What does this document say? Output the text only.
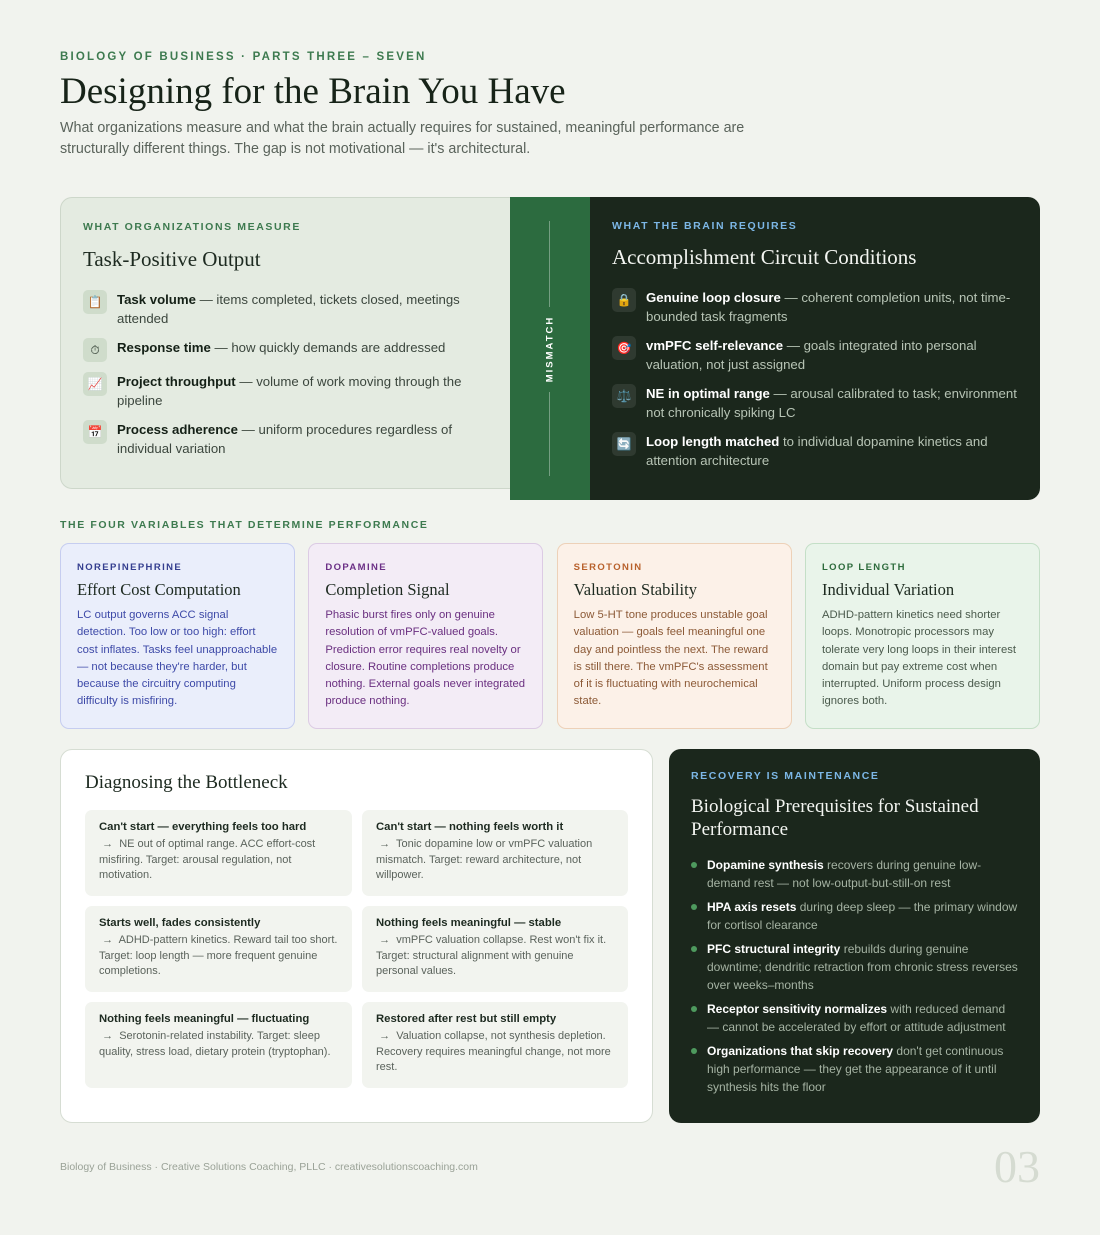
BIOLOGY OF BUSINESS · PARTS THREE – SEVEN
Designing for the Brain You Have

What organizations measure and what the brain actually requires for sustained, meaningful performance are structurally different things. The gap is not motivational — it's architectural.

WHAT ORGANIZATIONS MEASURE
Task-Positive Output
📋	Task volume — items completed, tickets closed, meetings attended
⏱	Response time — how quickly demands are addressed
📈	Project throughput — volume of work moving through the pipeline
📅	Process adherence — uniform procedures regardless of individual variation
MISMATCH
WHAT THE BRAIN REQUIRES
Accomplishment Circuit Conditions
🔒	Genuine loop closure — coherent completion units, not time-bounded task fragments
🎯	vmPFC self-relevance — goals integrated into personal valuation, not just assigned
⚖️	NE in optimal range — arousal calibrated to task; environment not chronically spiking LC
🔄	Loop length matched to individual dopamine kinetics and attention architecture
THE FOUR VARIABLES THAT DETERMINE PERFORMANCE
NOREPINEPHRINE
Effort Cost Computation
LC output governs ACC signal detection. Too low or too high: effort cost inflates. Tasks feel unapproachable — not because they're harder, but because the circuitry computing difficulty is misfiring.
DOPAMINE
Completion Signal
Phasic burst fires only on genuine resolution of vmPFC-valued goals. Prediction error requires real novelty or closure. Routine completions produce nothing. External goals never integrated produce nothing.
SEROTONIN
Valuation Stability
Low 5-HT tone produces unstable goal valuation — goals feel meaningful one day and pointless the next. The reward is still there. The vmPFC's assessment of it is fluctuating with neurochemical state.
LOOP LENGTH
Individual Variation
ADHD-pattern kinetics need shorter loops. Monotropic processors may tolerate very long loops in their interest domain but pay extreme cost when interrupted. Uniform process design ignores both.
Diagnosing the Bottleneck
Can't start — everything feels too hard
→ NE out of optimal range. ACC effort-cost misfiring. Target: arousal regulation, not motivation.
Can't start — nothing feels worth it
→ Tonic dopamine low or vmPFC valuation mismatch. Target: reward architecture, not willpower.
Starts well, fades consistently
→ ADHD-pattern kinetics. Reward tail too short. Target: loop length — more frequent genuine completions.
Nothing feels meaningful — stable
→ vmPFC valuation collapse. Rest won't fix it. Target: structural alignment with genuine personal values.
Nothing feels meaningful — fluctuating
→ Serotonin-related instability. Target: sleep quality, stress load, dietary protein (tryptophan).
Restored after rest but still empty
→ Valuation collapse, not synthesis depletion. Recovery requires meaningful change, not more rest.
RECOVERY IS MAINTENANCE
Biological Prerequisites for Sustained Performance
Dopamine synthesis recovers during genuine low-demand rest — not low-output-but-still-on rest
HPA axis resets during deep sleep — the primary window for cortisol clearance
PFC structural integrity rebuilds during genuine downtime; dendritic retraction from chronic stress reverses over weeks–months
Receptor sensitivity normalizes with reduced demand — cannot be accelerated by effort or attitude adjustment
Organizations that skip recovery don't get continuous high performance — they get the appearance of it until synthesis hits the floor
Biology of Business · Creative Solutions Coaching, PLLC · creativesolutionscoaching.com	03
